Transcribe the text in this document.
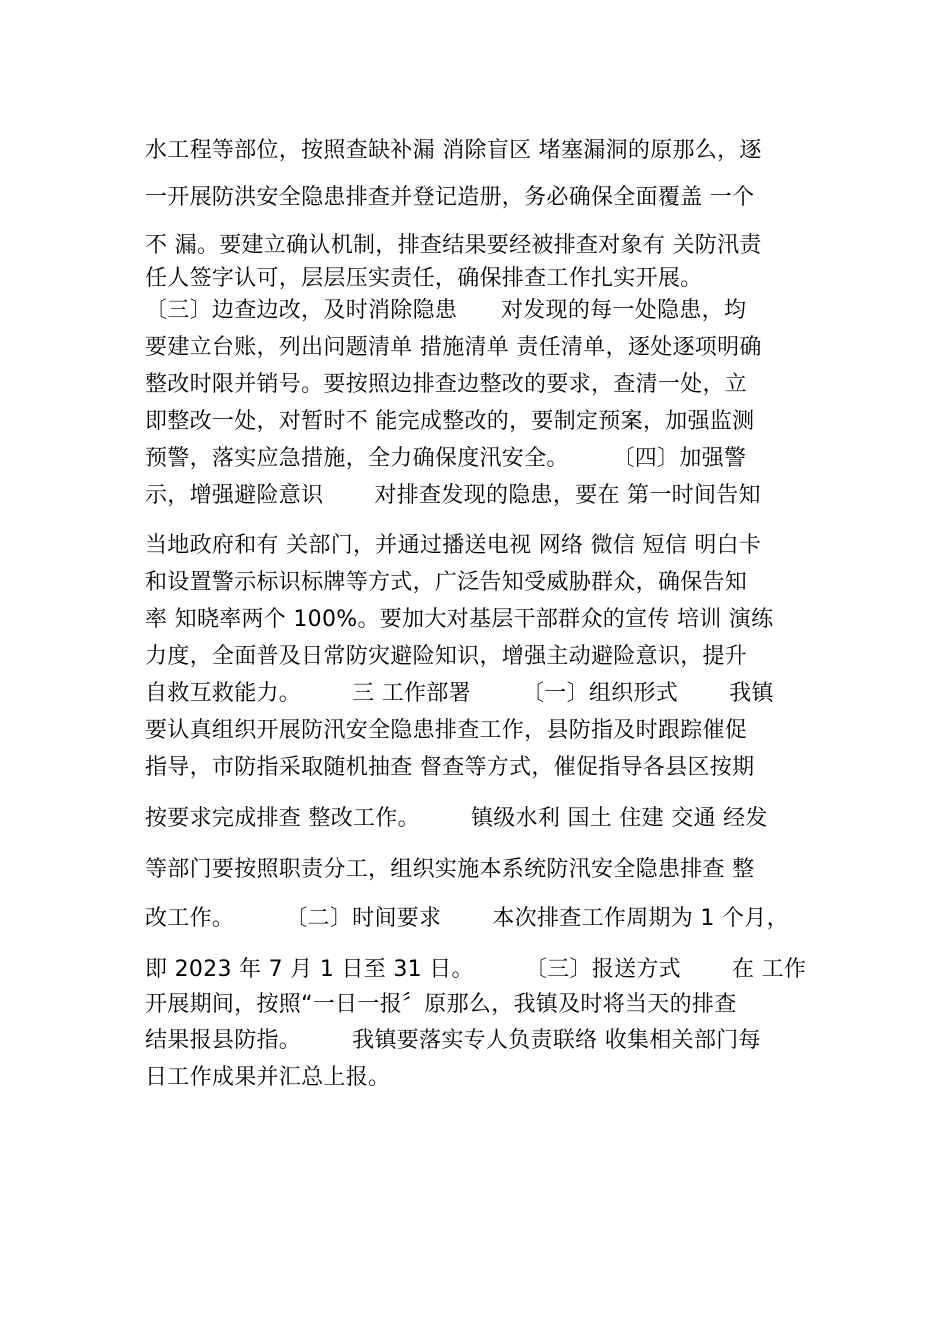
水工程等部位，按照查缺补漏 消除盲区 堵塞漏洞的原那么，逐
一开展防洪安全隐患排查并登记造册，务必确保全面覆盖 一个
不 漏。要建立确认机制，排查结果要经被排查对象有 关防汛责
任人签字认可，层层压实责任，确保排查工作扎实开展。
〔三〕边查边改，及时消除隐患      对发现的每一处隐患，均
要建立台账，列出问题清单 措施清单 责任清单，逐处逐项明确
整改时限并销号。要按照边排查边整改的要求，查清一处，立
即整改一处，对暂时不 能完成整改的，要制定预案，加强监测
预警，落实应急措施，全力确保度汛安全。      〔四〕加强警
示，增强避险意识       对排查发现的隐患，要在 第一时间告知
当地政府和有 关部门，并通过播送电视 网络 微信 短信 明白卡
和设置警示标识标牌等方式，广泛告知受威胁群众，确保告知
率 知晓率两个 100%。要加大对基层干部群众的宣传 培训 演练
力度，全面普及日常防灾避险知识，增强主动避险意识，提升
自救互救能力。       三 工作部署       〔一〕组织形式       我镇
要认真组织开展防汛安全隐患排查工作，县防指及时跟踪催促
指导，市防指采取随机抽查 督查等方式，催促指导各县区按期
按要求完成排查 整改工作。       镇级水利 国土 住建 交通 经发
等部门要按照职责分工，组织实施本系统防汛安全隐患排查 整
改工作。       〔二〕时间要求       本次排查工作周期为 1 个月，
即 2023 年 7 月 1 日至 31 日。       〔三〕报送方式       在 工作
开展期间，按照“一日一报〞原那么，我镇及时将当天的排查
结果报县防指。       我镇要落实专人负责联络 收集相关部门每
日工作成果并汇总上报。
